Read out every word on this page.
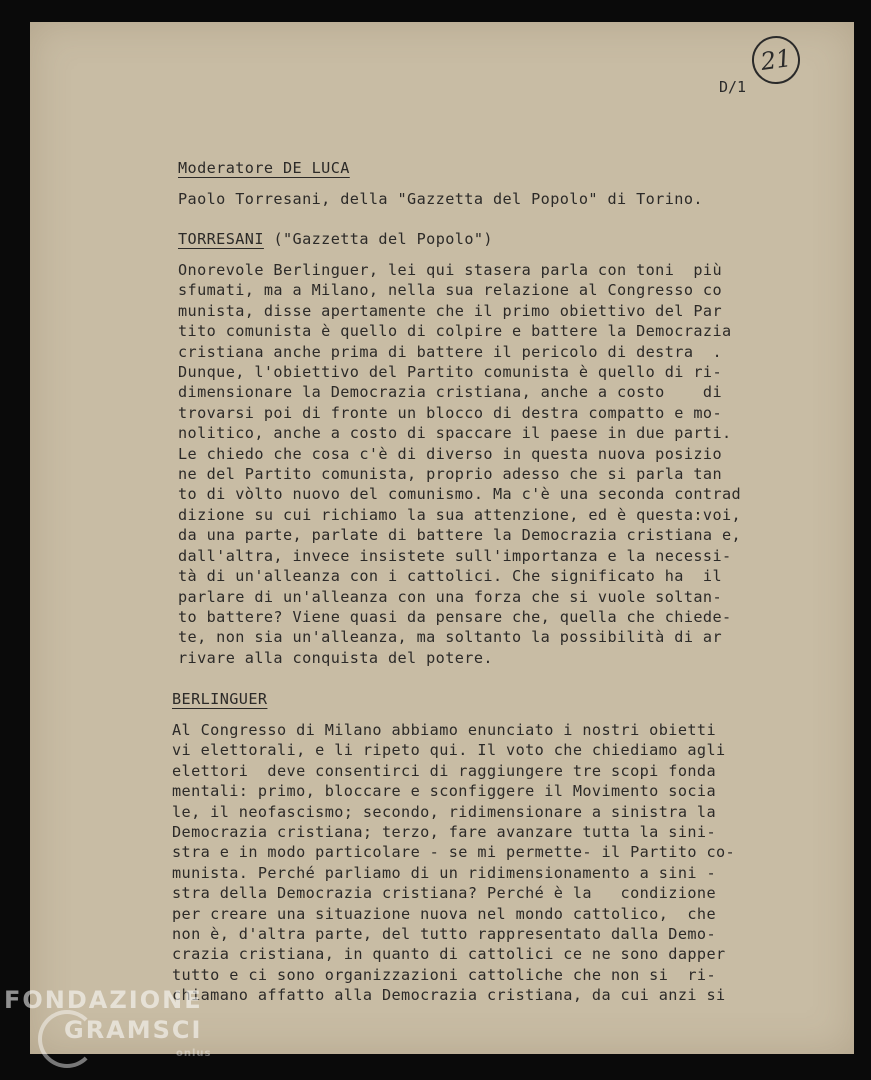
21
D/1
Moderatore DE LUCA
Paolo Torresani, della "Gazzetta del Popolo" di Torino.
TORRESANI ("Gazzetta del Popolo")
Onorevole Berlinguer, lei qui stasera parla con toni  più
sfumati, ma a Milano, nella sua relazione al Congresso co
munista, disse apertamente che il primo obiettivo del Par
tito comunista è quello di colpire e battere la Democrazia
cristiana anche prima di battere il pericolo di destra  .
Dunque, l'obiettivo del Partito comunista è quello di ri-
dimensionare la Democrazia cristiana, anche a costo    di
trovarsi poi di fronte un blocco di destra compatto e mo-
nolitico, anche a costo di spaccare il paese in due parti.
Le chiedo che cosa c'è di diverso in questa nuova posizio
ne del Partito comunista, proprio adesso che si parla tan
to di vòlto nuovo del comunismo. Ma c'è una seconda contrad
dizione su cui richiamo la sua attenzione, ed è questa:voi,
da una parte, parlate di battere la Democrazia cristiana e,
dall'altra, invece insistete sull'importanza e la necessi-
tà di un'alleanza con i cattolici. Che significato ha  il
parlare di un'alleanza con una forza che si vuole soltan-
to battere? Viene quasi da pensare che, quella che chiede-
te, non sia un'alleanza, ma soltanto la possibilità di ar
rivare alla conquista del potere.
BERLINGUER
Al Congresso di Milano abbiamo enunciato i nostri obietti
vi elettorali, e li ripeto qui. Il voto che chiediamo agli
elettori  deve consentirci di raggiungere tre scopi fonda
mentali: primo, bloccare e sconfiggere il Movimento socia
le, il neofascismo; secondo, ridimensionare a sinistra la
Democrazia cristiana; terzo, fare avanzare tutta la sini-
stra e in modo particolare - se mi permette- il Partito co-
munista. Perché parliamo di un ridimensionamento a sini -
stra della Democrazia cristiana? Perché è la   condizione
per creare una situazione nuova nel mondo cattolico,  che
non è, d'altra parte, del tutto rappresentato dalla Demo-
crazia cristiana, in quanto di cattolici ce ne sono dapper
tutto e ci sono organizzazioni cattoliche che non si  ri-
chiamano affatto alla Democrazia cristiana, da cui anzi si
FONDAZIONE
GRAMSCI
onlus
